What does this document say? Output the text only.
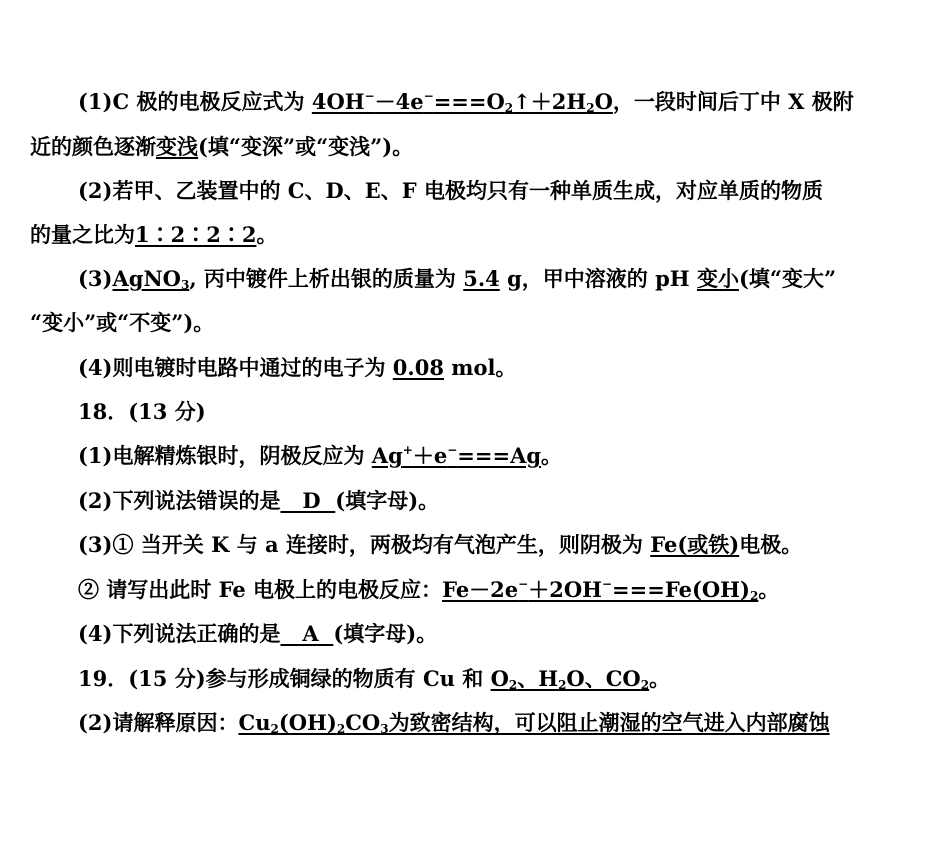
(1)C 极的电极反应式为 $4OH^--4e^-===O_2↑+2H_2O$，一段时间后丁中 X 极附
近的颜色逐渐变浅(填“变深”或“变浅”)。
(2)若甲、乙装置中的 C、D、E、F 电极均只有一种单质生成，对应单质的物质
的量之比为1∶2∶2∶2。
(3)AgNO$_3$, 丙中镀件上析出银的质量为 5.4 g，甲中溶液的 pH 变小(填“变大”
“变小”或“不变”)。
(4)则电镀时电路中通过的电子为 0.08 mol。
18．(13 分)
(1)电解精炼银时，阴极反应为 Ag+＋e−===Ag。
(2)下列说法错误的是   D  (填字母)。
(3)① 当开关 K 与 a 连接时，两极均有气泡产生，则阴极为 Fe(或铁)电极。
② 请写出此时 Fe 电极上的电极反应：$Fe-2e^-+2OH^-===Fe(OH)_2$。
(4)下列说法正确的是   A  (填字母)。
19．(15 分)参与形成铜绿的物质有 Cu 和 $O_2$、$H_2O$、$CO_2$。
(2)请解释原因：$Cu_2(OH)_2CO_3$为致密结构，可以阻止潮湿的空气进入内部腐蚀
